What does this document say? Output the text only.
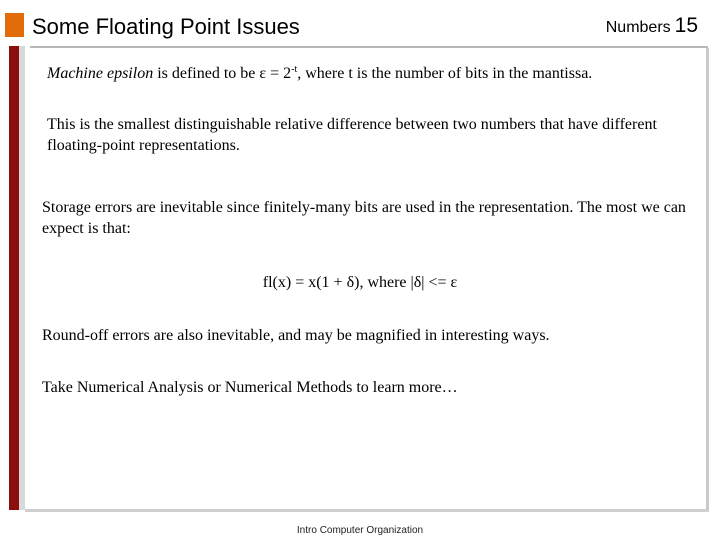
Some Floating Point Issues	Numbers 15
Machine epsilon is defined to be $\varepsilon = 2^{-t}$, where t is the number of bits in the mantissa.
This is the smallest distinguishable relative difference between two numbers that have different floating-point representations.
Storage errors are inevitable since finitely-many bits are used in the representation. The most we can expect is that:
fl(x) = x(1 + δ), where |δ| <= ε
Round-off errors are also inevitable, and may be magnified in interesting ways.
Take Numerical Analysis or Numerical Methods to learn more…
Intro Computer Organization
